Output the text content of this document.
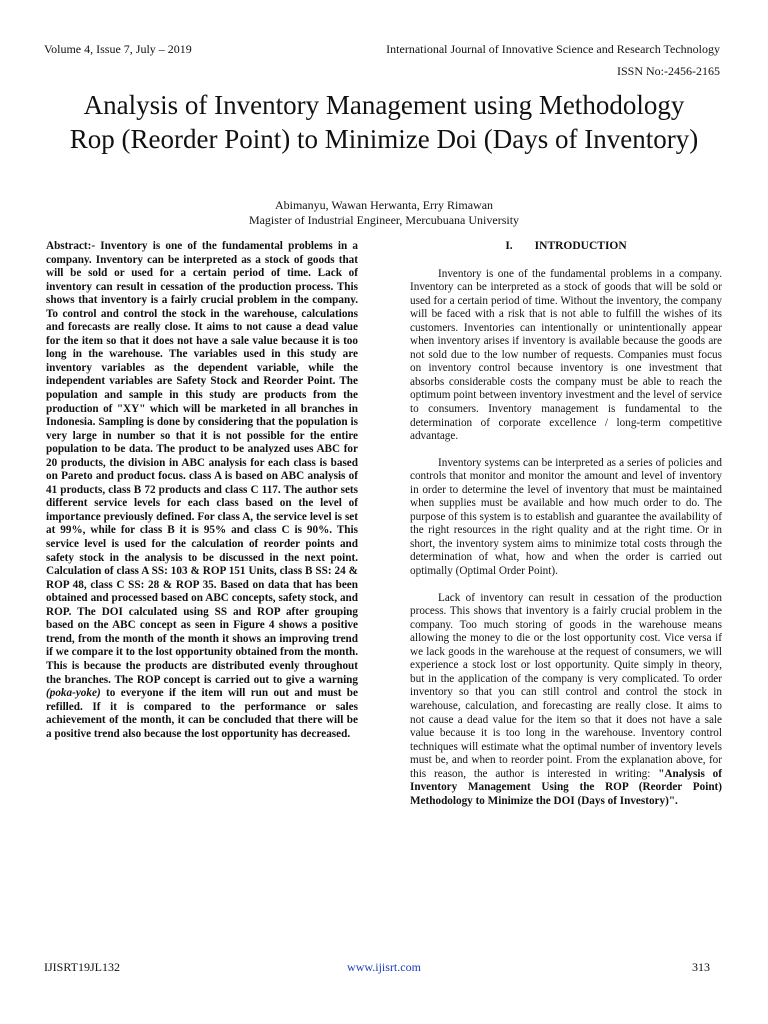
Volume 4, Issue 7, July – 2019	International Journal of Innovative Science and Research Technology
ISSN No:-2456-2165
Analysis of Inventory Management using Methodology Rop (Reorder Point) to Minimize Doi (Days of Inventory)
Abimanyu, Wawan Herwanta, Erry Rimawan
Magister of Industrial Engineer, Mercubuana University
Abstract:- Inventory is one of the fundamental problems in a company. Inventory can be interpreted as a stock of goods that will be sold or used for a certain period of time. Lack of inventory can result in cessation of the production process. This shows that inventory is a fairly crucial problem in the company. To control and control the stock in the warehouse, calculations and forecasts are really close. It aims to not cause a dead value for the item so that it does not have a sale value because it is too long in the warehouse. The variables used in this study are inventory variables as the dependent variable, while the independent variables are Safety Stock and Reorder Point. The population and sample in this study are products from the production of "XY" which will be marketed in all branches in Indonesia. Sampling is done by considering that the population is very large in number so that it is not possible for the entire population to be data. The product to be analyzed uses ABC for 20 products, the division in ABC analysis for each class is based on Pareto and product focus. class A is based on ABC analysis of 41 products, class B 72 products and class C 117. The author sets different service levels for each class based on the level of importance previously defined. For class A, the service level is set at 99%, while for class B it is 95% and class C is 90%. This service level is used for the calculation of reorder points and safety stock in the analysis to be discussed in the next point. Calculation of class A SS: 103 & ROP 151 Units, class B SS: 24 & ROP 48, class C SS: 28 & ROP 35. Based on data that has been obtained and processed based on ABC concepts, safety stock, and ROP. The DOI calculated using SS and ROP after grouping based on the ABC concept as seen in Figure 4 shows a positive trend, from the month of the month it shows an improving trend if we compare it to the lost opportunity obtained from the month. This is because the products are distributed evenly throughout the branches. The ROP concept is carried out to give a warning (poka-yoke) to everyone if the item will run out and must be refilled. If it is compared to the performance or sales achievement of the month, it can be concluded that there will be a positive trend also because the lost opportunity has decreased.
I. INTRODUCTION

Inventory is one of the fundamental problems in a company. Inventory can be interpreted as a stock of goods that will be sold or used for a certain period of time. Without the inventory, the company will be faced with a risk that is not able to fulfill the wishes of its customers. Inventories can intentionally or unintentionally appear when inventory arises if inventory is available because the goods are not sold due to the low number of requests. Companies must focus on inventory control because inventory is one investment that absorbs considerable costs the company must be able to reach the optimum point between inventory investment and the level of service to consumers. Inventory management is fundamental to the determination of corporate excellence / long-term competitive advantage.

Inventory systems can be interpreted as a series of policies and controls that monitor and monitor the amount and level of inventory in order to determine the level of inventory that must be maintained when supplies must be available and how much order to do. The purpose of this system is to establish and guarantee the availability of the right resources in the right quality and at the right time. Or in short, the inventory system aims to minimize total costs through the determination of what, how and when the order is carried out optimally (Optimal Order Point).

Lack of inventory can result in cessation of the production process. This shows that inventory is a fairly crucial problem in the company. Too much storing of goods in the warehouse means allowing the money to die or the lost opportunity cost. Vice versa if we lack goods in the warehouse at the request of consumers, we will experience a stock lost or lost opportunity. Quite simply in theory, but in the application of the company is very complicated. To order inventory so that you can still control and control the stock in warehouse, calculation, and forecasting are really close. It aims to not cause a dead value for the item so that it does not have a sale value because it is too long in the warehouse. Inventory control techniques will estimate what the optimal number of inventory levels must be, and when to reorder point. From the explanation above, for this reason, the author is interested in writing: "Analysis of Inventory Management Using the ROP (Reorder Point) Methodology to Minimize the DOI (Days of Investory)".

IJISRT19JL132	www.ijisrt.com	313
